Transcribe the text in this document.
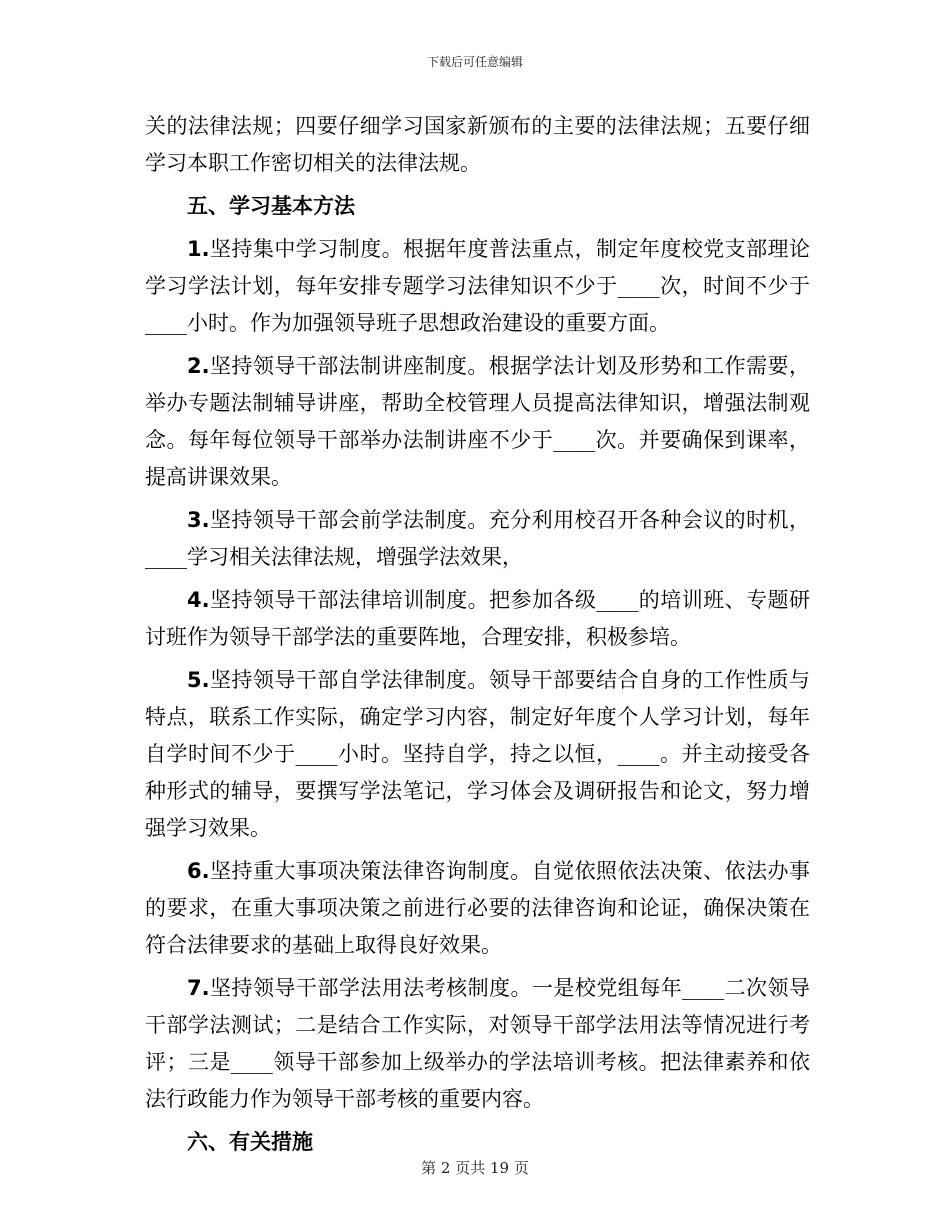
下载后可任意编辑

关的法律法规；四要仔细学习国家新颁布的主要的法律法规；五要仔细学习本职工作密切相关的法律法规。

五、学习基本方法

1.坚持集中学习制度。根据年度普法重点，制定年度校党支部理论学习学法计划，每年安排专题学习法律知识不少于____次，时间不少于____小时。作为加强领导班子思想政治建设的重要方面。

2.坚持领导干部法制讲座制度。根据学法计划及形势和工作需要，举办专题法制辅导讲座，帮助全校管理人员提高法律知识，增强法制观念。每年每位领导干部举办法制讲座不少于____次。并要确保到课率，提高讲课效果。

3.坚持领导干部会前学法制度。充分利用校召开各种会议的时机，____学习相关法律法规，增强学法效果，

4.坚持领导干部法律培训制度。把参加各级____的培训班、专题研讨班作为领导干部学法的重要阵地，合理安排，积极参培。

5.坚持领导干部自学法律制度。领导干部要结合自身的工作性质与特点，联系工作实际，确定学习内容，制定好年度个人学习计划，每年自学时间不少于____小时。坚持自学，持之以恒，____。并主动接受各种形式的辅导，要撰写学法笔记，学习体会及调研报告和论文，努力增强学习效果。

6.坚持重大事项决策法律咨询制度。自觉依照依法决策、依法办事的要求，在重大事项决策之前进行必要的法律咨询和论证，确保决策在符合法律要求的基础上取得良好效果。

7.坚持领导干部学法用法考核制度。一是校党组每年____二次领导干部学法测试；二是结合工作实际，对领导干部学法用法等情况进行考评；三是____领导干部参加上级举办的学法培训考核。把法律素养和依法行政能力作为领导干部考核的重要内容。

六、有关措施

第 2 页共 19 页
